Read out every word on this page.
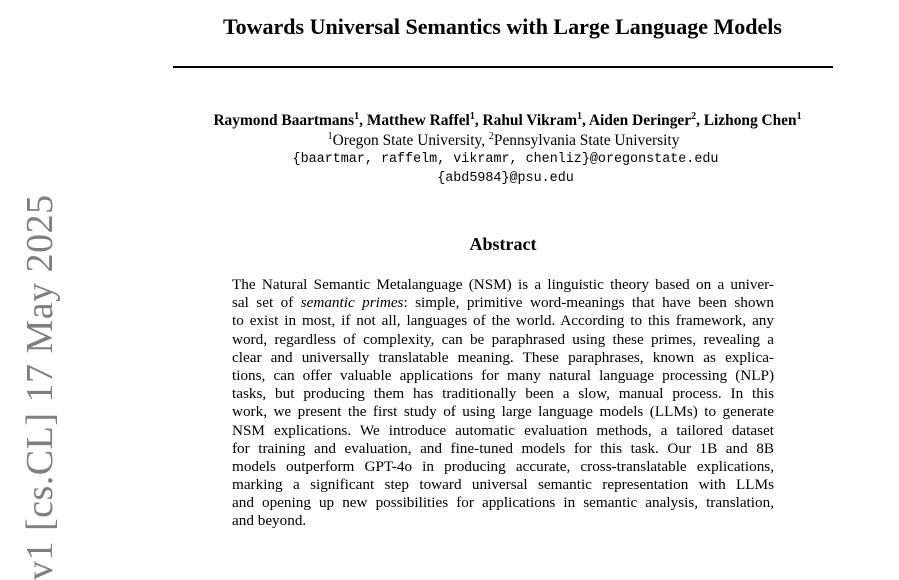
Towards Universal Semantics with Large Language Models
Raymond Baartmans$^1$, Matthew Raffel$^1$, Rahul Vikram$^1$, Aiden Deringer$^2$, Lizhong Chen$^1$
$^1$Oregon State University, $^2$Pennsylvania State University
{baartmar, raffelm, vikramr, chenliz}@oregonstate.edu
{abd5984}@psu.edu
Abstract
The Natural Semantic Metalanguage (NSM) is a linguistic theory based on a univer-
sal set of semantic primes: simple, primitive word-meanings that have been shown
to exist in most, if not all, languages of the world. According to this framework, any
word, regardless of complexity, can be paraphrased using these primes, revealing a
clear and universally translatable meaning. These paraphrases, known as explica-
tions, can offer valuable applications for many natural language processing (NLP)
tasks, but producing them has traditionally been a slow, manual process. In this
work, we present the first study of using large language models (LLMs) to generate
NSM explications. We introduce automatic evaluation methods, a tailored dataset
for training and evaluation, and fine-tuned models for this task. Our 1B and 8B
models outperform GPT-4o in producing accurate, cross-translatable explications,
marking a significant step toward universal semantic representation with LLMs
and opening up new possibilities for applications in semantic analysis, translation,
and beyond.
v1 [cs.CL] 17 May 2025
